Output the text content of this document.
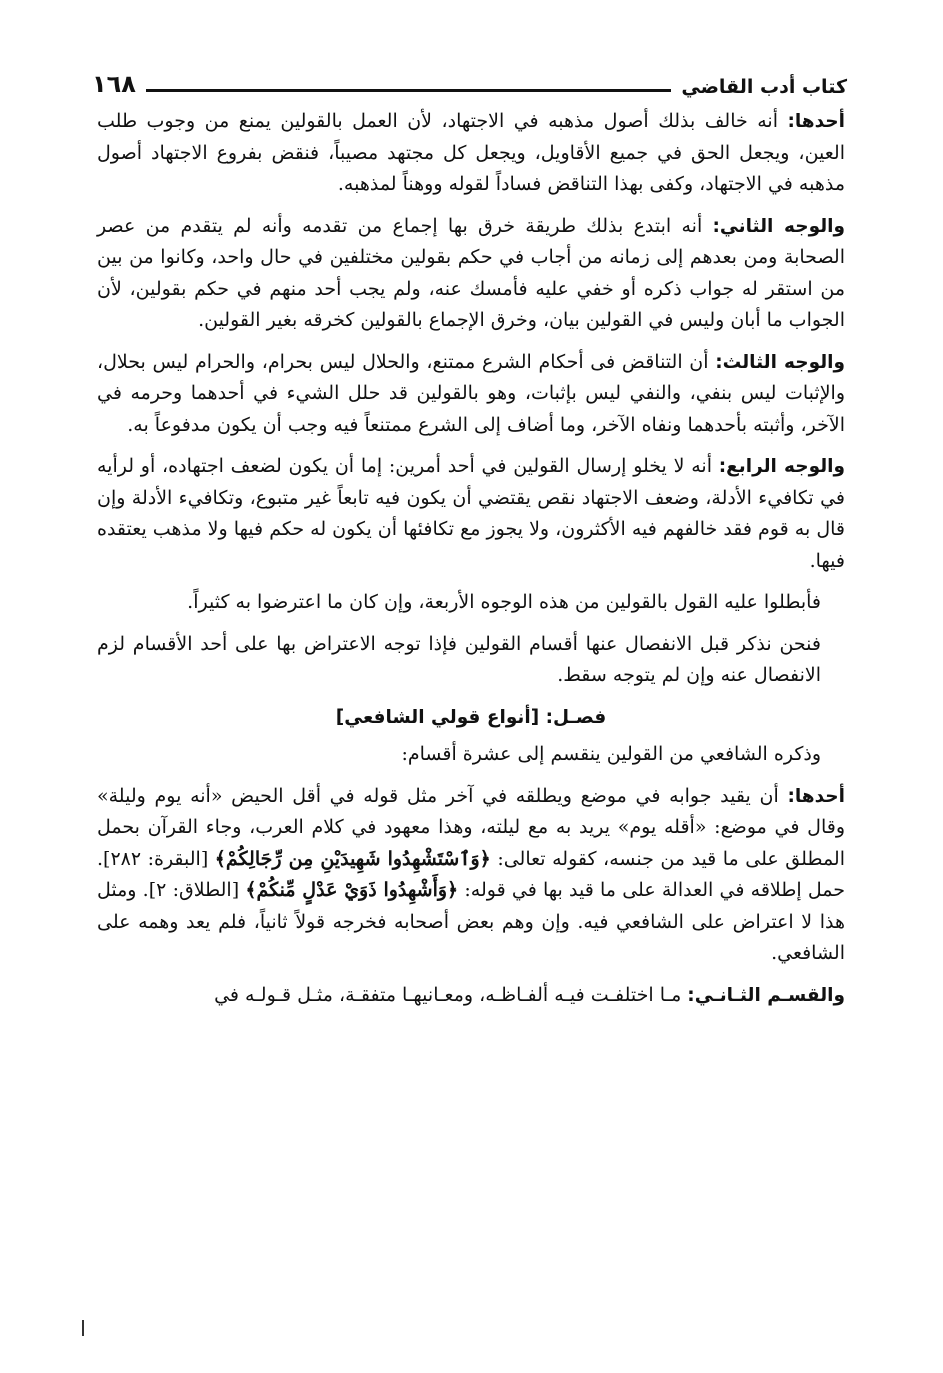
كتاب أدب القاضي
١٦٨

أحدها: أنه خالف بذلك أصول مذهبه في الاجتهاد، لأن العمل بالقولين يمنع من وجوب طلب العين، ويجعل الحق في جميع الأقاويل، ويجعل كل مجتهد مصيباً، فنقض بفروع الاجتهاد أصول مذهبه في الاجتهاد، وكفى بهذا التناقض فساداً لقوله ووهناً لمذهبه.

والوجه الثاني: أنه ابتدع بذلك طريقة خرق بها إجماع من تقدمه وأنه لم يتقدم من عصر الصحابة ومن بعدهم إلى زمانه من أجاب في حكم بقولين مختلفين في حال واحد، وكانوا من بين من استقر له جواب ذكره أو خفي عليه فأمسك عنه، ولم يجب أحد منهم في حكم بقولين، لأن الجواب ما أبان وليس في القولين بيان، وخرق الإجماع بالقولين كخرقه بغير القولين.

والوجه الثالث: أن التناقض فى أحكام الشرع ممتنع، والحلال ليس بحرام، والحرام ليس بحلال، والإثبات ليس بنفي، والنفي ليس بإثبات، وهو بالقولين قد حلل الشيء في أحدهما وحرمه في الآخر، وأثبته بأحدهما ونفاه الآخر، وما أضاف إلى الشرع ممتنعاً فيه وجب أن يكون مدفوعاً به.

والوجه الرابع: أنه لا يخلو إرسال القولين في أحد أمرين: إما أن يكون لضعف اجتهاده، أو لرأيه في تكافيء الأدلة، وضعف الاجتهاد نقص يقتضي أن يكون فيه تابعاً غير متبوع، وتكافيء الأدلة وإن قال به قوم فقد خالفهم فيه الأكثرون، ولا يجوز مع تكافئها أن يكون له حكم فيها ولا مذهب يعتقده فيها.

فأبطلوا عليه القول بالقولين من هذه الوجوه الأربعة، وإن كان ما اعترضوا به كثيراً.

فنحن نذكر قبل الانفصال عنها أقسام القولين فإذا توجه الاعتراض بها على أحد الأقسام لزم الانفصال عنه وإن لم يتوجه سقط.

فصـل: [أنواع قولي الشافعي]

وذكره الشافعي من القولين ينقسم إلى عشرة أقسام:

أحدها: أن يقيد جوابه في موضع ويطلقه في آخر مثل قوله في أقل الحيض «أنه يوم وليلة» وقال في موضع: «أقله يوم» يريد به مع ليلته، وهذا معهود في كلام العرب، وجاء القرآن بحمل المطلق على ما قيد من جنسه، كقوله تعالى: ﴿وَٱسْتَشْهِدُوا شَهِيدَيْنِ مِن رِّجَالِكُمْ﴾ [البقرة: ٢٨٢]. حمل إطلاقه في العدالة على ما قيد بها في قوله: ﴿وَأَشْهِدُوا ذَوَيْ عَدْلٍ مِّنكُمْ﴾ [الطلاق: ٢]. ومثل هذا لا اعتراض على الشافعي فيه. وإن وهم بعض أصحابه فخرجه قولاً ثانياً، فلم يعد وهمه على الشافعي.

والقسـم الثـانـي: مـا اختلفـت فيـه ألفـاظـه، ومعـانيهـا متفقـة، مثـل قـولـه في
